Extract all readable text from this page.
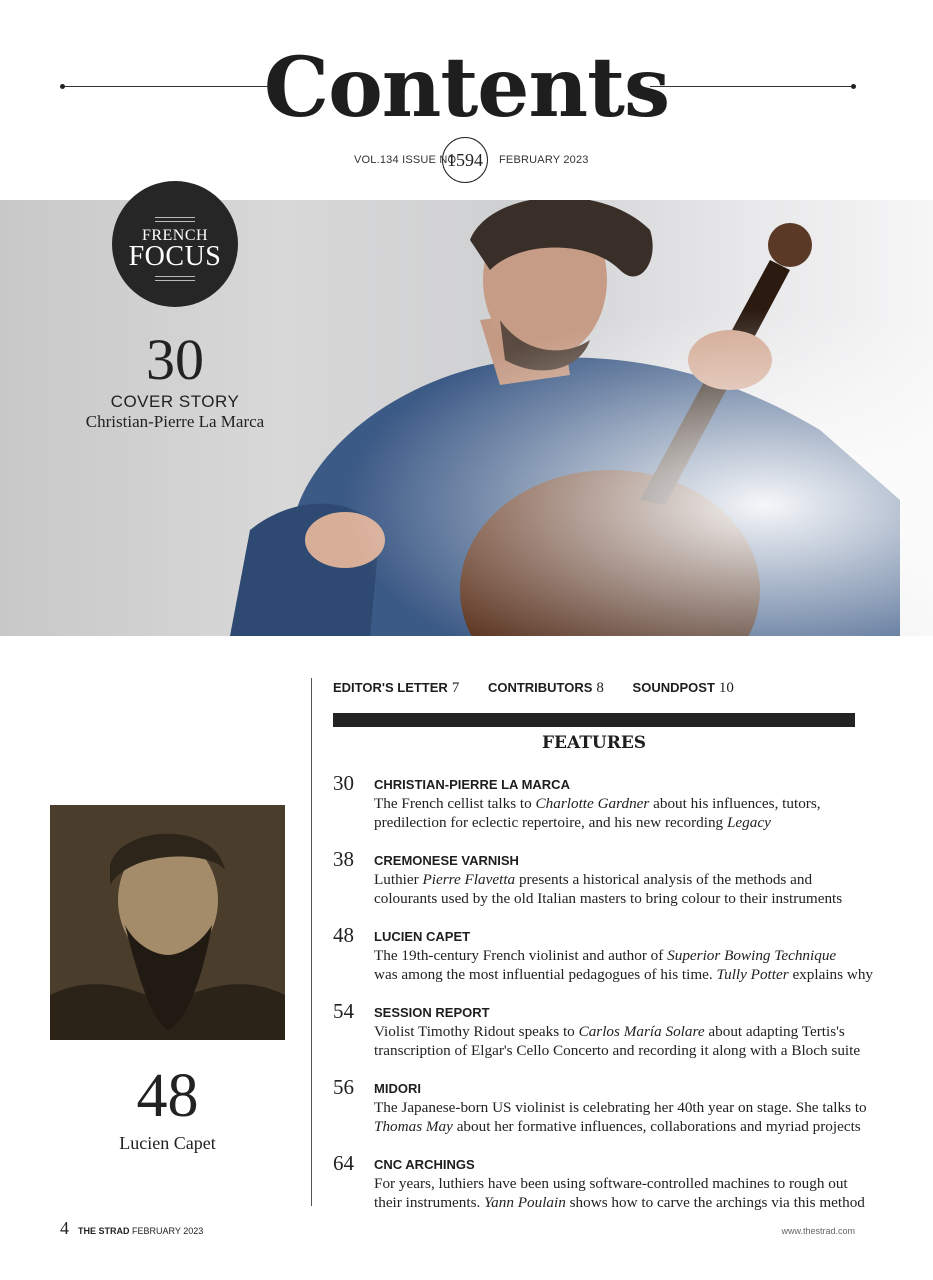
Contents
VOL.134 ISSUE NO
1594	FEBRUARY 2023
FRENCH
FOCUS
30
COVER STORY
Christian-Pierre La Marca
48
Lucien Capet
EDITOR'S LETTER 7 CONTRIBUTORS 8 SOUNDPOST 10
FEATURES
30 CHRISTIAN-PIERRE LA MARCA
The French cellist talks to Charlotte Gardner about his influences, tutors,
predilection for eclectic repertoire, and his new recording Legacy
38 CREMONESE VARNISH
Luthier Pierre Flavetta presents a historical analysis of the methods and
colourants used by the old Italian masters to bring colour to their instruments
48 LUCIEN CAPET
The 19th-century French violinist and author of Superior Bowing Technique
was among the most influential pedagogues of his time. Tully Potter explains why
54 SESSION REPORT
Violist Timothy Ridout speaks to Carlos María Solare about adapting Tertis's
transcription of Elgar's Cello Concerto and recording it along with a Bloch suite
56 MIDORI
The Japanese-born US violinist is celebrating her 40th year on stage. She talks to
Thomas May about her formative influences, collaborations and myriad projects
64 CNC ARCHINGS
For years, luthiers have been using software-controlled machines to rough out
their instruments. Yann Poulain shows how to carve the archings via this method
4 THE STRAD FEBRUARY 2023	www.thestrad.com
